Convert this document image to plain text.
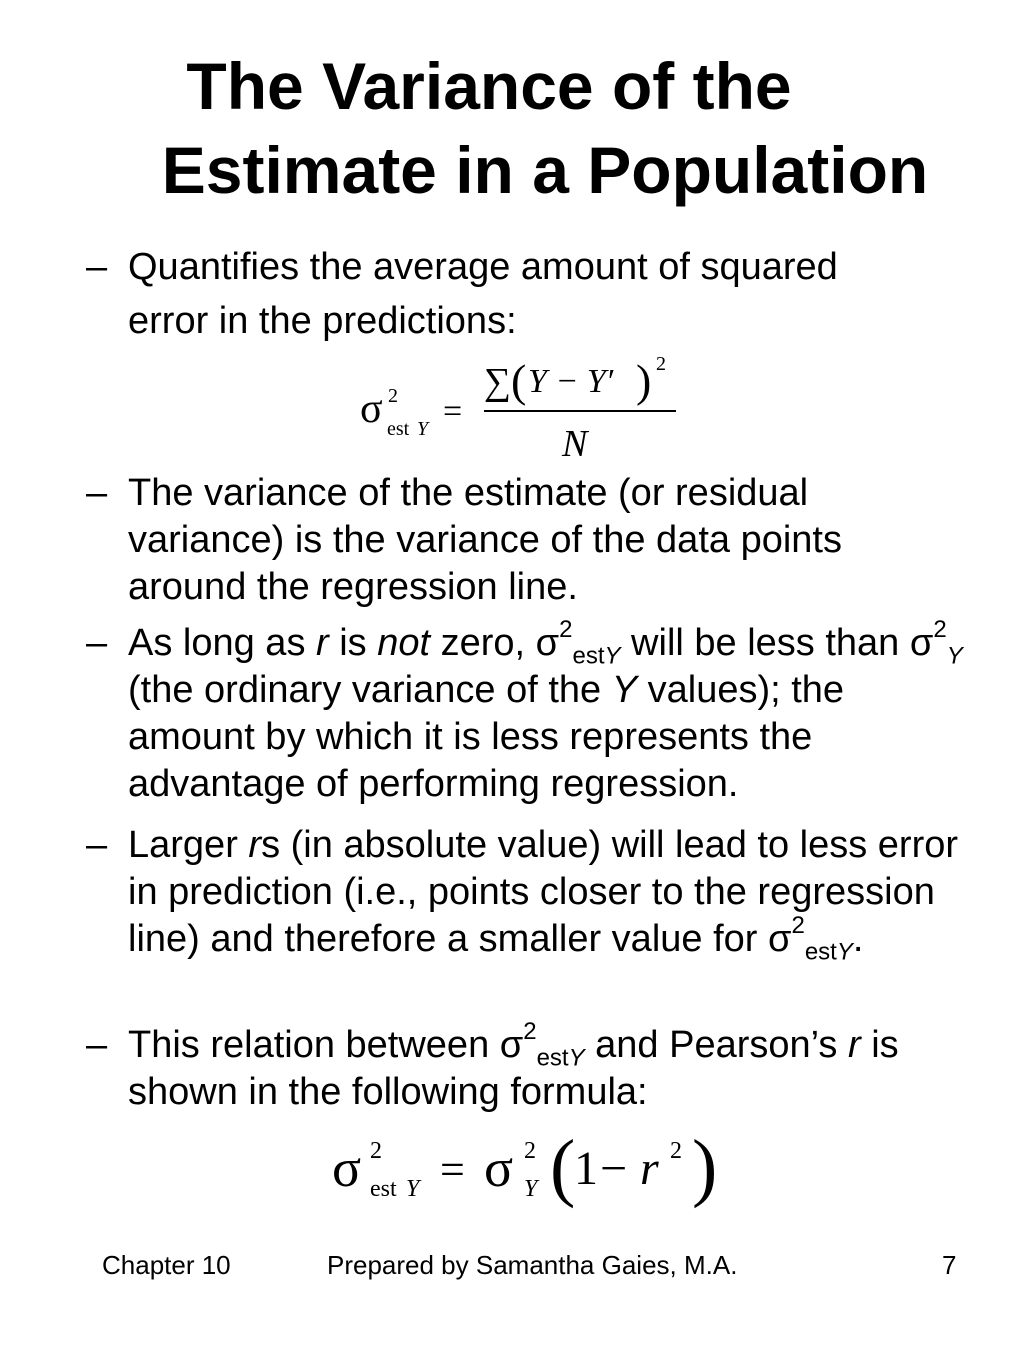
The Variance of the
Estimate in a Population
– Quantifies the average amount of squared
error in the predictions:
σ 2
est Y =
∑ ( Y − Y′ ) 2
N
– The variance of the estimate (or residual variance) is the variance of the data points around the regression line.
– As long as r is not zero, $\sigma^2_{estY}$ will be less than $\sigma^2_Y$ (the ordinary variance of the Y values); the amount by which it is less represents the advantage of performing regression.
– Larger rs (in absolute value) will lead to less error in prediction (i.e., points closer to the regression line) and therefore a smaller value for $\sigma^2_{estY}$.
– This relation between $\sigma^2_{estY}$ and Pearson’s r is shown in the following formula:
σ 2
est Y = σ 2
Y (
1 − r 2 )
Chapter 10	Prepared by Samantha Gaies, M.A.	7
